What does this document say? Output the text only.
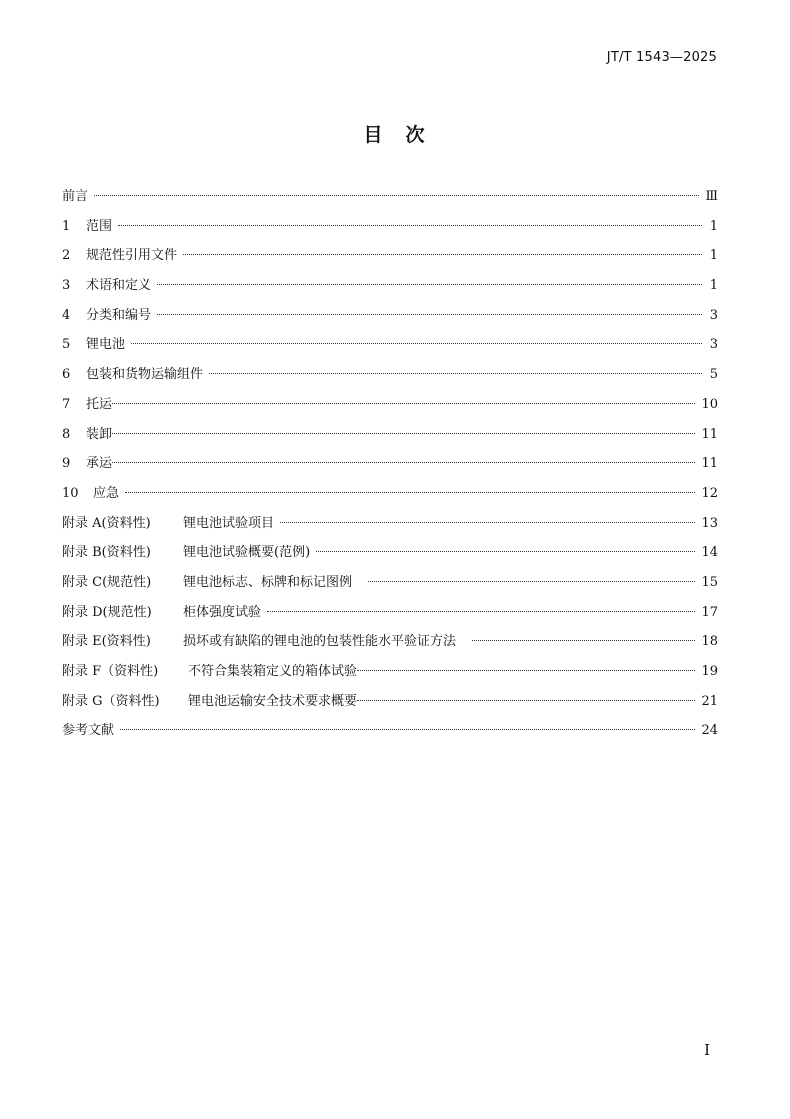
JT/T 1543—2025
目　次
前言	Ⅲ
1	范围	1
2	规范性引用文件	1
3	术语和定义	1
4	分类和编号	3
5	锂电池	3
6	包装和货物运输组件	5
7	托运	10
8	装卸	11
9	承运	11
10	应急	12
附录 A(资料性)	锂电池试验项目	13
附录 B(资料性)	锂电池试验概要(范例)	14
附录 C(规范性)	锂电池标志、标牌和标记图例	15
附录 D(规范性)	柜体强度试验	17
附录 E(资料性)	损坏或有缺陷的锂电池的包装性能水平验证方法	18
附录 F（资料性)	不符合集装箱定义的箱体试验	19
附录 G（资料性)	锂电池运输安全技术要求概要	21
参考文献	24
I
